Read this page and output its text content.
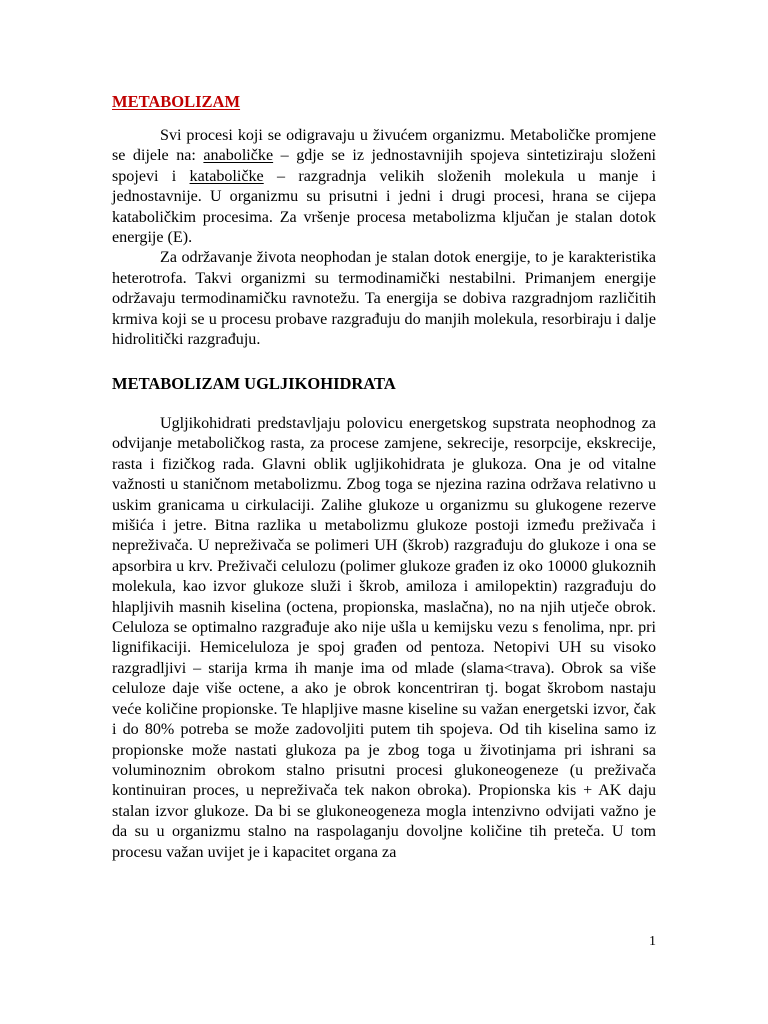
METABOLIZAM

Svi procesi koji se odigravaju u živućem organizmu. Metaboličke promjene se dijele na: anaboličke – gdje se iz jednostavnijih spojeva sintetiziraju složeni spojevi i kataboličke – razgradnja velikih složenih molekula u manje i jednostavnije. U organizmu su prisutni i jedni i drugi procesi, hrana se cijepa kataboličkim procesima. Za vršenje procesa metabolizma ključan je stalan dotok energije (E).

Za održavanje života neophodan je stalan dotok energije, to je karakteristika heterotrofa. Takvi organizmi su termodinamički nestabilni. Primanjem energije održavaju termodinamičku ravnotežu. Ta energija se dobiva razgradnjom različitih krmiva koji se u procesu probave razgrađuju do manjih molekula, resorbiraju i dalje hidrolitički razgrađuju.

METABOLIZAM UGLJIKOHIDRATA

Ugljikohidrati predstavljaju polovicu energetskog supstrata neophodnog za odvijanje metaboličkog rasta, za procese zamjene, sekrecije, resorpcije, ekskrecije, rasta i fizičkog rada. Glavni oblik ugljikohidrata je glukoza. Ona je od vitalne važnosti u staničnom metabolizmu. Zbog toga se njezina razina održava relativno u uskim granicama u cirkulaciji. Zalihe glukoze u organizmu su glukogene rezerve mišića i jetre. Bitna razlika u metabolizmu glukoze postoji između preživača i nepreživača. U nepreživača se polimeri UH (škrob) razgrađuju do glukoze i ona se apsorbira u krv. Preživači celulozu (polimer glukoze građen iz oko 10000 glukoznih molekula, kao izvor glukoze služi i škrob, amiloza i amilopektin) razgrađuju do hlapljivih masnih kiselina (octena, propionska, maslačna), no na njih utječe obrok. Celuloza se optimalno razgrađuje ako nije ušla u kemijsku vezu s fenolima, npr. pri lignifikaciji. Hemiceluloza je spoj građen od pentoza. Netopivi UH su visoko razgradljivi – starija krma ih manje ima od mlade (slama<trava). Obrok sa više celuloze daje više octene, a ako je obrok koncentriran tj. bogat škrobom nastaju veće količine propionske. Te hlapljive masne kiseline su važan energetski izvor, čak i do 80% potreba se može zadovoljiti putem tih spojeva. Od tih kiselina samo iz propionske može nastati glukoza pa je zbog toga u životinjama pri ishrani sa voluminoznim obrokom stalno prisutni procesi glukoneogeneze (u preživača kontinuiran proces, u nepreživača tek nakon obroka). Propionska kis + AK daju stalan izvor glukoze. Da bi se glukoneogeneza mogla intenzivno odvijati važno je da su u organizmu stalno na raspolaganju dovoljne količine tih preteča. U tom procesu važan uvijet je i kapacitet organa za

1
